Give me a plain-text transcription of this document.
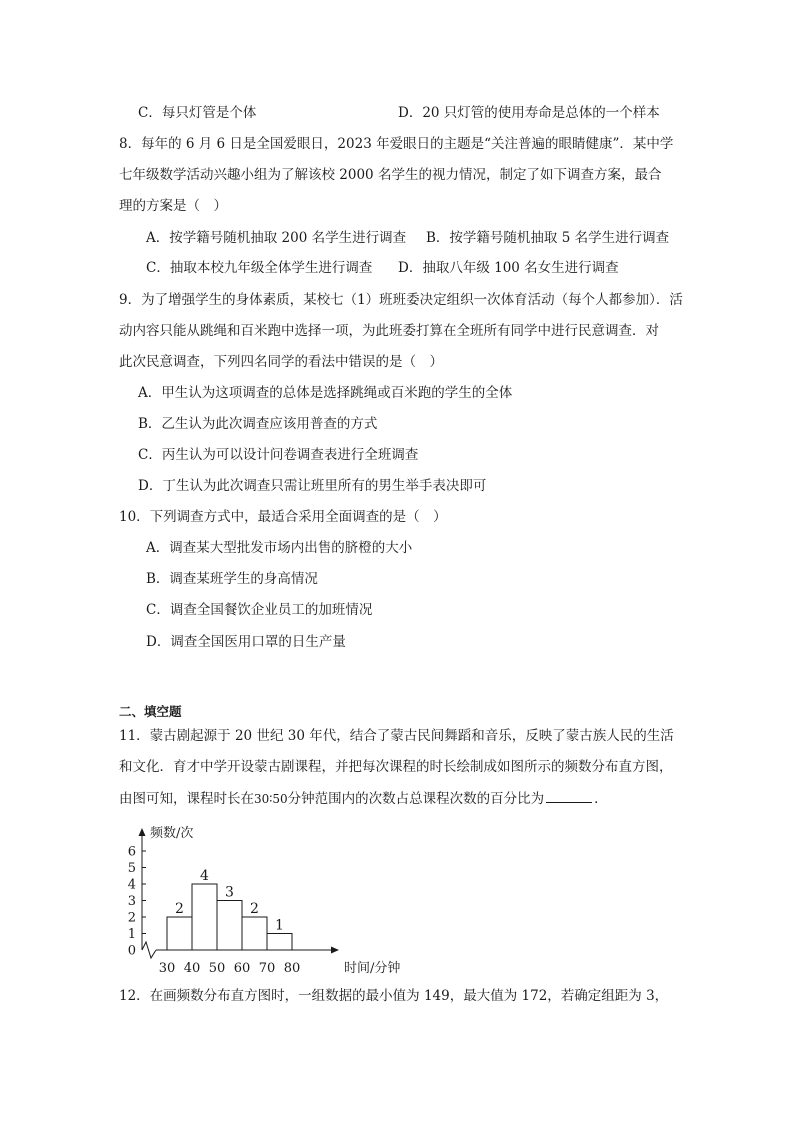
C．每只灯管是个体	D．20 只灯管的使用寿命是总体的一个样本
8．每年的 6 月 6 日是全国爱眼日，2023 年爱眼日的主题是“关注普遍的眼睛健康”．某中学
七年级数学活动兴趣小组为了解该校 2000 名学生的视力情况，制定了如下调查方案，最合
理的方案是（　）
A．按学籍号随机抽取 200 名学生进行调查 B．按学籍号随机抽取 5 名学生进行调查
C．抽取本校九年级全体学生进行调查 D．抽取八年级 100 名女生进行调查
9．为了增强学生的身体素质，某校七（1）班班委决定组织一次体育活动（每个人都参加）．活
动内容只能从跳绳和百米跑中选择一项，为此班委打算在全班所有同学中进行民意调查．对
此次民意调查，下列四名同学的看法中错误的是（　）
A．甲生认为这项调查的总体是选择跳绳或百米跑的学生的全体
B．乙生认为此次调查应该用普查的方式
C．丙生认为可以设计问卷调查表进行全班调查
D．丁生认为此次调查只需让班里所有的男生举手表决即可
10．下列调查方式中，最适合采用全面调查的是（　）
A．调查某大型批发市场内出售的脐橙的大小
B．调查某班学生的身高情况
C．调查全国餐饮企业员工的加班情况
D．调查全国医用口罩的日生产量
二、填空题
11．蒙古剧起源于 20 世纪 30 年代，结合了蒙古民间舞蹈和音乐，反映了蒙古族人民的生活
和文化．育才中学开设蒙古剧课程，并把每次课程的时长绘制成如图所示的频数分布直方图，
由图可知，课程时长在30∶50分钟范围内的次数占总课程次数的百分比为	．
频数/次
时间/分钟
0
1
2
3
4
5
6
30 40 50 60 70 80
2
4
3
2
1
12．在画频数分布直方图时，一组数据的最小值为 149，最大值为 172，若确定组距为 3，
